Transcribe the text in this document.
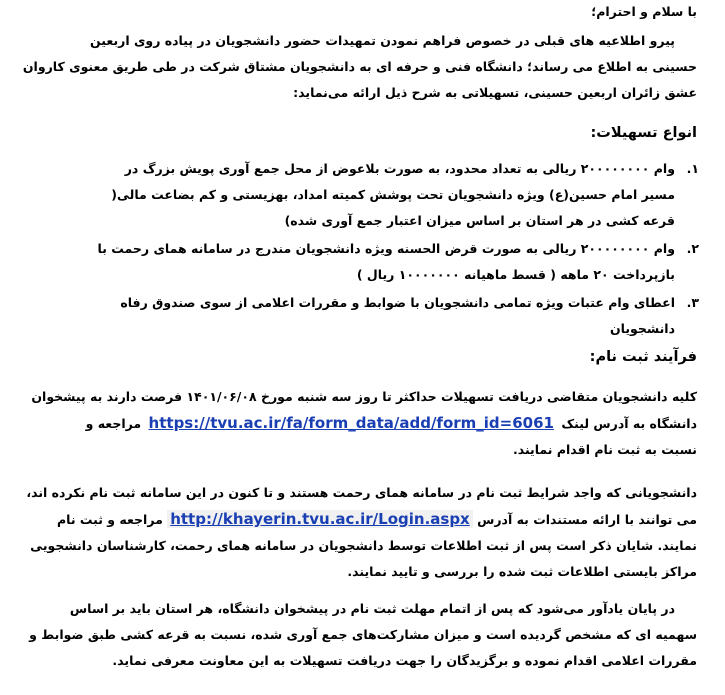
با سلام و احترام؛

پیرو اطلاعیه های قبلی در خصوص فراهم نمودن تمهیدات حضور دانشجویان در پیاده روی اربعین

حسینی به اطلاع می رساند؛ دانشگاه فنی و حرفه ای به دانشجویان مشتاق شرکت در طی طریق معنوی کاروان

عشق زائران اربعین حسینی، تسهیلاتی به شرح ذیل ارائه می‌نماید:

انواع تسهیلات:

۱.

وام ۲۰۰۰۰۰۰۰۰ ریالی به تعداد محدود، به صورت بلاعوض از محل جمع آوری پویش بزرگ در

مسیر امام حسین(ع) ویژه دانشجویان تحت پوشش کمیته امداد، بهزیستی و کم بضاعت مالی(

قرعه کشی در هر استان بر اساس میزان اعتبار جمع آوری شده)

۲.

وام ۲۰۰۰۰۰۰۰۰ ریالی به صورت قرض الحسنه ویژه دانشجویان مندرج در سامانه همای رحمت با

بازپرداخت ۲۰ ماهه ( قسط ماهیانه ۱۰۰۰۰۰۰۰ ریال )

۳.

اعطای وام عتبات ویژه تمامی دانشجویان با ضوابط و مقررات اعلامی از سوی صندوق رفاه

دانشجویان

فرآیند ثبت نام:

کلیه دانشجویان متقاضی دریافت تسهیلات حداکثر تا روز سه شنبه مورخ ۱۴۰۱/۰۶/۰۸ فرصت دارند به پیشخوان

دانشگاه به آدرس لینک https://tvu.ac.ir/fa/form_data/add/form_id=6061 مراجعه و

نسبت به ثبت نام اقدام نمایند.

دانشجویانی که واجد شرایط ثبت نام در سامانه همای رحمت هستند و تا کنون در این سامانه ثبت نام نکرده اند،

می توانند با ارائه مستندات به آدرس http://khayerin.tvu.ac.ir/Login.aspx مراجعه و ثبت نام

نمایند. شایان ذکر است پس از ثبت اطلاعات توسط دانشجویان در سامانه همای رحمت، کارشناسان دانشجویی

مراکز بایستی اطلاعات ثبت شده را بررسی و تایید نمایند.

در پایان یادآور می‌شود که پس از اتمام مهلت ثبت نام در پیشخوان دانشگاه، هر استان باید بر اساس

سهمیه ای که مشخص گردیده است و میزان مشارکت‌های جمع آوری شده، نسبت به قرعه کشی طبق ضوابط و

مقررات اعلامی اقدام نموده و برگزیدگان را جهت دریافت تسهیلات به این معاونت معرفی نماید.
